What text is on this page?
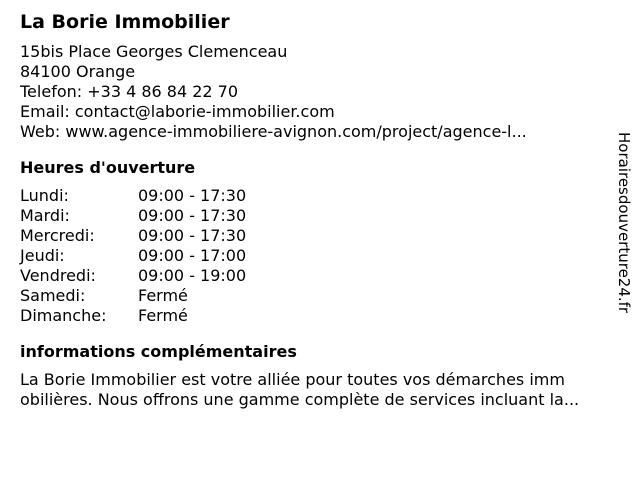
La Borie Immobilier
15bis Place Georges Clemenceau
84100 Orange
Telefon: +33 4 86 84 22 70
Email: contact@laborie-immobilier.com
Web: www.agence-immobiliere-avignon.com/project/agence-l...
Heures d'ouverture
Lundi:	09:00 - 17:30
Mardi:	09:00 - 17:30
Mercredi:	09:00 - 17:30
Jeudi:	09:00 - 17:00
Vendredi:	09:00 - 19:00
Samedi:	Fermé
Dimanche:	Fermé
informations complémentaires
La Borie Immobilier est votre alliée pour toutes vos démarches imm
obilières. Nous offrons une gamme complète de services incluant la...
Horairesdouverture24.fr
